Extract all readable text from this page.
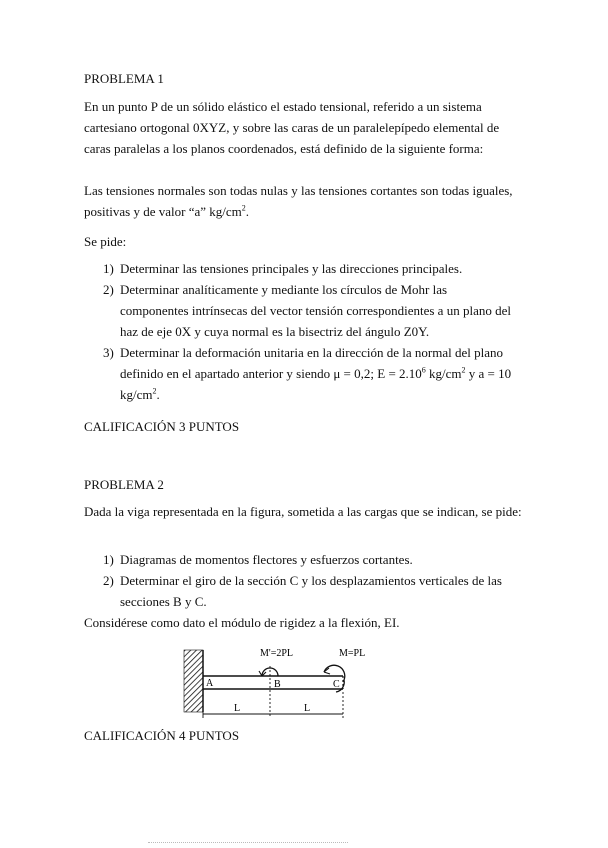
PROBLEMA 1
En un punto P de un sólido elástico el estado tensional, referido a un sistema cartesiano ortogonal 0XYZ, y sobre las caras de un paralelepípedo elemental de caras paralelas a los planos coordenados, está definido de la siguiente forma:
Las tensiones normales son todas nulas y las tensiones cortantes son todas iguales, positivas y de valor “a” $kg/cm^2$.
Se pide:
1) Determinar las tensiones principales y las direcciones principales.
2) Determinar analíticamente y mediante los círculos de Mohr las componentes intrínsecas del vector tensión correspondientes a un plano del haz de eje 0X y cuya normal es la bisectriz del ángulo Z0Y.
3) Determinar la deformación unitaria en la dirección de la normal del plano definido en el apartado anterior y siendo μ = 0,2; $E = 2.10^6$ $kg/cm^2$ y a = 10 $kg/cm^2$.
CALIFICACIÓN 3 PUNTOS
PROBLEMA 2
Dada la viga representada en la figura, sometida a las cargas que se indican, se pide:
1) Diagramas de momentos flectores y esfuerzos cortantes.
2) Determinar el giro de la sección C y los desplazamientos verticales de las secciones B y C.
Considérese como dato el módulo de rigidez a la flexión, EI.
A	B	C
M'=2PL	M=PL
L	L
CALIFICACIÓN 4 PUNTOS
